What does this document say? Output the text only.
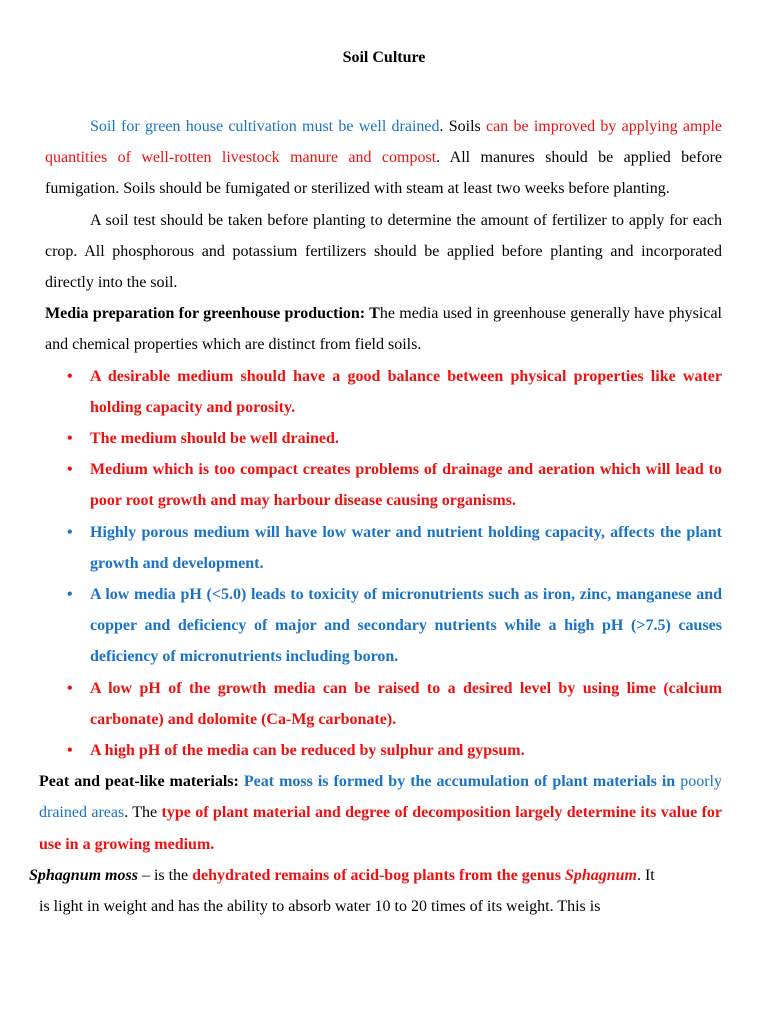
Soil Culture

Soil for green house cultivation must be well drained. Soils can be improved by applying ample quantities of well-rotten livestock manure and compost. All manures should be applied before fumigation. Soils should be fumigated or sterilized with steam at least two weeks before planting.

A soil test should be taken before planting to determine the amount of fertilizer to apply for each crop. All phosphorous and potassium fertilizers should be applied before planting and incorporated directly into the soil.

Media preparation for greenhouse production: The media used in greenhouse generally have physical and chemical properties which are distinct from field soils.

• A desirable medium should have a good balance between physical properties like water holding capacity and porosity.
• The medium should be well drained.
• Medium which is too compact creates problems of drainage and aeration which will lead to poor root growth and may harbour disease causing organisms.
• Highly porous medium will have low water and nutrient holding capacity, affects the plant growth and development.
• A low media pH (<5.0) leads to toxicity of micronutrients such as iron, zinc, manganese and copper and deficiency of major and secondary nutrients while a high pH (>7.5) causes deficiency of micronutrients including boron.
• A low pH of the growth media can be raised to a desired level by using lime (calcium carbonate) and dolomite (Ca-Mg carbonate).
• A high pH of the media can be reduced by sulphur and gypsum.

Peat and peat-like materials: Peat moss is formed by the accumulation of plant materials in poorly drained areas. The type of plant material and degree of decomposition largely determine its value for use in a growing medium.

Sphagnum moss – is the dehydrated remains of acid-bog plants from the genus Sphagnum. It

is light in weight and has the ability to absorb water 10 to 20 times of its weight. This is
